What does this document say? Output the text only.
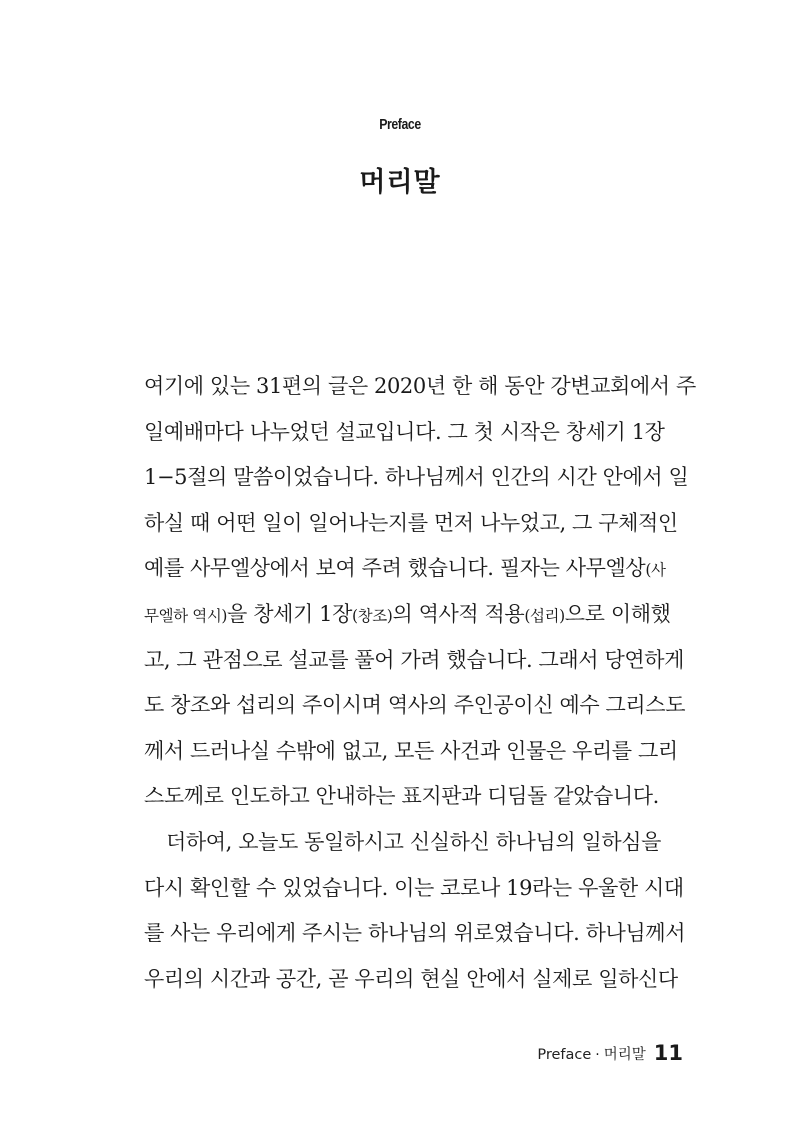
Preface
머리말
여기에 있는 31편의 글은 2020년 한 해 동안 강변교회에서 주
일예배마다 나누었던 설교입니다. 그 첫 시작은 창세기 1장
1−5절의 말씀이었습니다. 하나님께서 인간의 시간 안에서 일
하실 때 어떤 일이 일어나는지를 먼저 나누었고, 그 구체적인
예를 사무엘상에서 보여 주려 했습니다. 필자는 사무엘상(사
무엘하 역시)을 창세기 1장(창조)의 역사적 적용(섭리)으로 이해했
고, 그 관점으로 설교를 풀어 가려 했습니다. 그래서 당연하게
도 창조와 섭리의 주이시며 역사의 주인공이신 예수 그리스도
께서 드러나실 수밖에 없고, 모든 사건과 인물은 우리를 그리
스도께로 인도하고 안내하는 표지판과 디딤돌 같았습니다.
더하여, 오늘도 동일하시고 신실하신 하나님의 일하심을
다시 확인할 수 있었습니다. 이는 코로나 19라는 우울한 시대
를 사는 우리에게 주시는 하나님의 위로였습니다. 하나님께서
우리의 시간과 공간, 곧 우리의 현실 안에서 실제로 일하신다
Preface · 머리말 11
